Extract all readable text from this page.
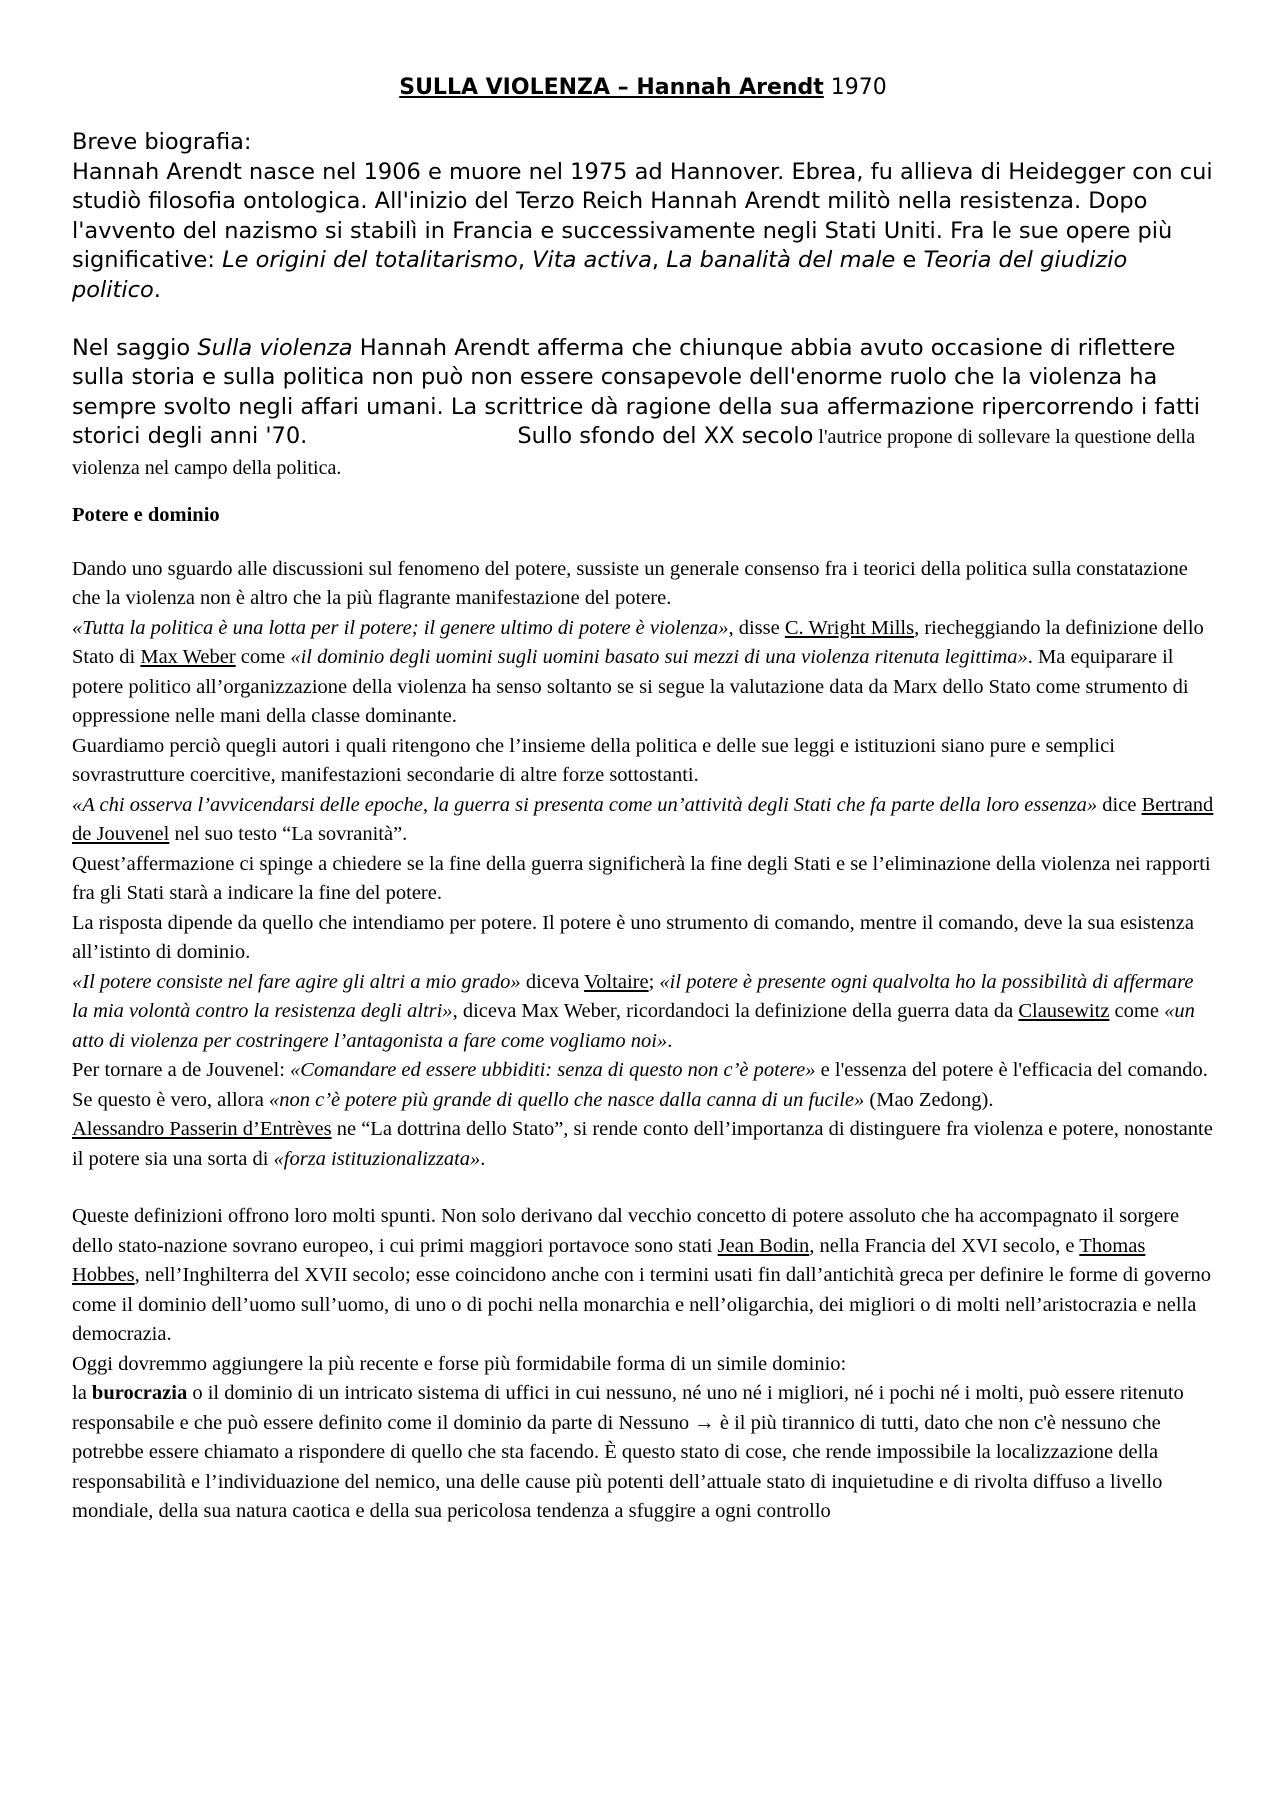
SULLA VIOLENZA – Hannah Arendt 1970

Breve biografia:

Hannah Arendt nasce nel 1906 e muore nel 1975 ad Hannover. Ebrea, fu allieva di Heidegger con cui studiò filosofia ontologica. All'inizio del Terzo Reich Hannah Arendt militò nella resistenza. Dopo l'avvento del nazismo si stabilì in Francia e successivamente negli Stati Uniti. Fra le sue opere più significative: Le origini del totalitarismo, Vita activa, La banalità del male e Teoria del giudizio politico.

Nel saggio Sulla violenza Hannah Arendt afferma che chiunque abbia avuto occasione di riflettere sulla storia e sulla politica non può non essere consapevole dell'enorme ruolo che la violenza ha sempre svolto negli affari umani. La scrittrice dà ragione della sua affermazione ripercorrendo i fatti storici degli anni '70.	Sullo sfondo del XX secolo l'autrice propone di sollevare la questione della violenza nel campo della politica.

Potere e dominio

Dando uno sguardo alle discussioni sul fenomeno del potere, sussiste un generale consenso fra i teorici della politica sulla constatazione che la violenza non è altro che la più flagrante manifestazione del potere.

«Tutta la politica è una lotta per il potere; il genere ultimo di potere è violenza», disse C. Wright Mills, riecheggiando la definizione dello Stato di Max Weber come «il dominio degli uomini sugli uomini basato sui mezzi di una violenza ritenuta legittima». Ma equiparare il potere politico all’organizzazione della violenza ha senso soltanto se si segue la valutazione data da Marx dello Stato come strumento di oppressione nelle mani della classe dominante.

Guardiamo perciò quegli autori i quali ritengono che l’insieme della politica e delle sue leggi e istituzioni siano pure e semplici sovrastrutture coercitive, manifestazioni secondarie di altre forze sottostanti.

«A chi osserva l’avvicendarsi delle epoche, la guerra si presenta come un’attività degli Stati che fa parte della loro essenza» dice Bertrand de Jouvenel nel suo testo “La sovranità”.

Quest’affermazione ci spinge a chiedere se la fine della guerra significherà la fine degli Stati e se l’eliminazione della violenza nei rapporti fra gli Stati starà a indicare la fine del potere.

La risposta dipende da quello che intendiamo per potere. Il potere è uno strumento di comando, mentre il comando, deve la sua esistenza all’istinto di dominio.

«Il potere consiste nel fare agire gli altri a mio grado» diceva Voltaire; «il potere è presente ogni qualvolta ho la possibilità di affermare la mia volontà contro la resistenza degli altri», diceva Max Weber, ricordandoci la definizione della guerra data da Clausewitz come «un atto di violenza per costringere l’antagonista a fare come vogliamo noi».

Per tornare a de Jouvenel: «Comandare ed essere ubbiditi: senza di questo non c’è potere» e l'essenza del potere è l'efficacia del comando. Se questo è vero, allora «non c’è potere più grande di quello che nasce dalla canna di un fucile» (Mao Zedong).

Alessandro Passerin d’Entrèves ne “La dottrina dello Stato”, si rende conto dell’importanza di distinguere fra violenza e potere, nonostante il potere sia una sorta di «forza istituzionalizzata».

Queste definizioni offrono loro molti spunti. Non solo derivano dal vecchio concetto di potere assoluto che ha accompagnato il sorgere dello stato-nazione sovrano europeo, i cui primi maggiori portavoce sono stati Jean Bodin, nella Francia del XVI secolo, e Thomas Hobbes, nell’Inghilterra del XVII secolo; esse coincidono anche con i termini usati fin dall’antichità greca per definire le forme di governo come il dominio dell’uomo sull’uomo, di uno o di pochi nella monarchia e nell’oligarchia, dei migliori o di molti nell’aristocrazia e nella democrazia.

Oggi dovremmo aggiungere la più recente e forse più formidabile forma di un simile dominio:

la burocrazia o il dominio di un intricato sistema di uffici in cui nessuno, né uno né i migliori, né i pochi né i molti, può essere ritenuto responsabile e che può essere definito come il dominio da parte di Nessuno → è il più tirannico di tutti, dato che non c'è nessuno che potrebbe essere chiamato a rispondere di quello che sta facendo. È questo stato di cose, che rende impossibile la localizzazione della responsabilità e l’individuazione del nemico, una delle cause più potenti dell’attuale stato di inquietudine e di rivolta diffuso a livello mondiale, della sua natura caotica e della sua pericolosa tendenza a sfuggire a ogni controllo
